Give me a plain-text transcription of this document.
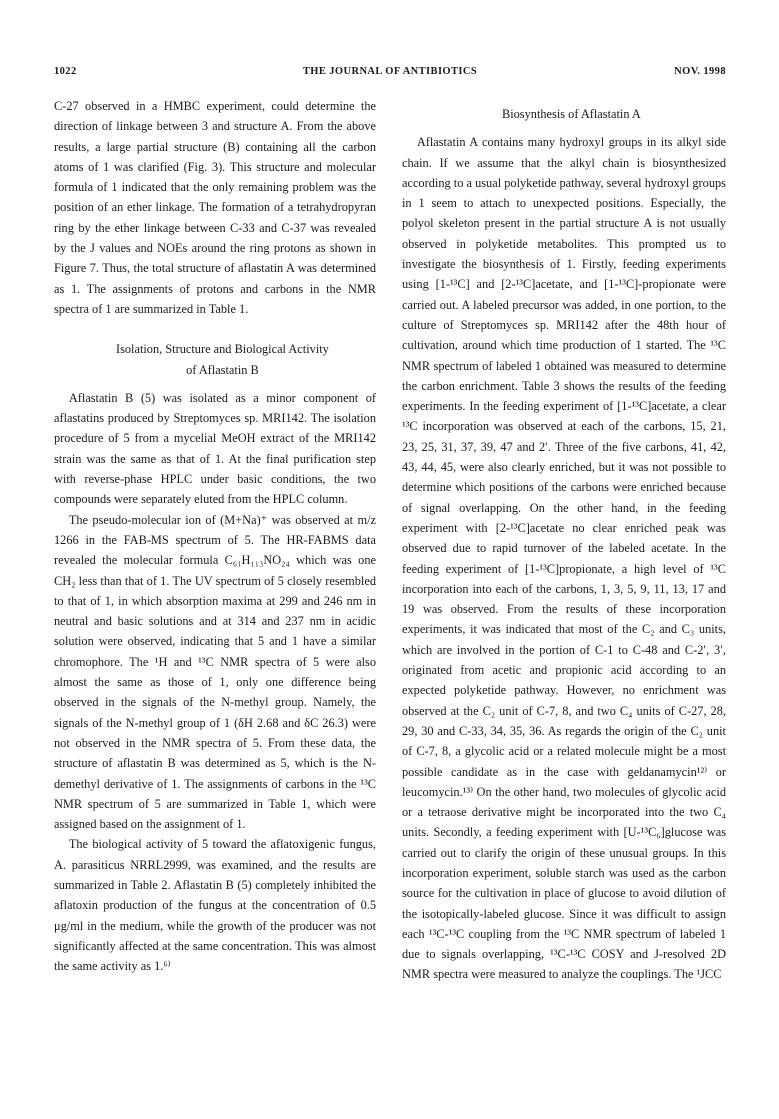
1022	THE JOURNAL OF ANTIBIOTICS	NOV. 1998

C-27 observed in a HMBC experiment, could determine the direction of linkage between 3 and structure A. From the above results, a large partial structure (B) containing all the carbon atoms of 1 was clarified (Fig. 3). This structure and molecular formula of 1 indicated that the only remaining problem was the position of an ether linkage. The formation of a tetrahydropyran ring by the ether linkage between C-33 and C-37 was revealed by the J values and NOEs around the ring protons as shown in Figure 7. Thus, the total structure of aflastatin A was determined as 1. The assignments of protons and carbons in the NMR spectra of 1 are summarized in Table 1.

Isolation, Structure and Biological Activity

of Aflastatin B

Aflastatin B (5) was isolated as a minor component of aflastatins produced by Streptomyces sp. MRI142. The isolation procedure of 5 from a mycelial MeOH extract of the MRI142 strain was the same as that of 1. At the final purification step with reverse-phase HPLC under basic conditions, the two compounds were separately eluted from the HPLC column.

The pseudo-molecular ion of (M+Na)⁺ was observed at m/z 1266 in the FAB-MS spectrum of 5. The HR-FABMS data revealed the molecular formula C₆₁H₁₁₃NO₂₄ which was one CH₂ less than that of 1. The UV spectrum of 5 closely resembled to that of 1, in which absorption maxima at 299 and 246 nm in neutral and basic solutions and at 314 and 237 nm in acidic solution were observed, indicating that 5 and 1 have a similar chromophore. The ¹H and ¹³C NMR spectra of 5 were also almost the same as those of 1, only one difference being observed in the signals of the N-methyl group. Namely, the signals of the N-methyl group of 1 (δH 2.68 and δC 26.3) were not observed in the NMR spectra of 5. From these data, the structure of aflastatin B was determined as 5, which is the N-demethyl derivative of 1. The assignments of carbons in the ¹³C NMR spectrum of 5 are summarized in Table 1, which were assigned based on the assignment of 1.

The biological activity of 5 toward the aflatoxigenic fungus, A. parasiticus NRRL2999, was examined, and the results are summarized in Table 2. Aflastatin B (5) completely inhibited the aflatoxin production of the fungus at the concentration of 0.5 μg/ml in the medium, while the growth of the producer was not significantly affected at the same concentration. This was almost the same activity as 1.⁶⁾

Biosynthesis of Aflastatin A

Aflastatin A contains many hydroxyl groups in its alkyl side chain. If we assume that the alkyl chain is biosynthesized according to a usual polyketide pathway, several hydroxyl groups in 1 seem to attach to unexpected positions. Especially, the polyol skeleton present in the partial structure A is not usually observed in polyketide metabolites. This prompted us to investigate the biosynthesis of 1. Firstly, feeding experiments using [1-¹³C] and [2-¹³C]acetate, and [1-¹³C]-propionate were carried out. A labeled precursor was added, in one portion, to the culture of Streptomyces sp. MRI142 after the 48th hour of cultivation, around which time production of 1 started. The ¹³C NMR spectrum of labeled 1 obtained was measured to determine the carbon enrichment. Table 3 shows the results of the feeding experiments. In the feeding experiment of [1-¹³C]acetate, a clear ¹³C incorporation was observed at each of the carbons, 15, 21, 23, 25, 31, 37, 39, 47 and 2′. Three of the five carbons, 41, 42, 43, 44, 45, were also clearly enriched, but it was not possible to determine which positions of the carbons were enriched because of signal overlapping. On the other hand, in the feeding experiment with [2-¹³C]acetate no clear enriched peak was observed due to rapid turnover of the labeled acetate. In the feeding experiment of [1-¹³C]propionate, a high level of ¹³C incorporation into each of the carbons, 1, 3, 5, 9, 11, 13, 17 and 19 was observed. From the results of these incorporation experiments, it was indicated that most of the C₂ and C₃ units, which are involved in the portion of C-1 to C-48 and C-2′, 3′, originated from acetic and propionic acid according to an expected polyketide pathway. However, no enrichment was observed at the C₂ unit of C-7, 8, and two C₄ units of C-27, 28, 29, 30 and C-33, 34, 35, 36. As regards the origin of the C₂ unit of C-7, 8, a glycolic acid or a related molecule might be a most possible candidate as in the case with geldanamycin¹²⁾ or leucomycin.¹³⁾ On the other hand, two molecules of glycolic acid or a tetraose derivative might be incorporated into the two C₄ units. Secondly, a feeding experiment with [U-¹³C₆]glucose was carried out to clarify the origin of these unusual groups. In this incorporation experiment, soluble starch was used as the carbon source for the cultivation in place of glucose to avoid dilution of the isotopically-labeled glucose. Since it was difficult to assign each ¹³C-¹³C coupling from the ¹³C NMR spectrum of labeled 1 due to signals overlapping, ¹³C-¹³C COSY and J-resolved 2D NMR spectra were measured to analyze the couplings. The ¹JCC
